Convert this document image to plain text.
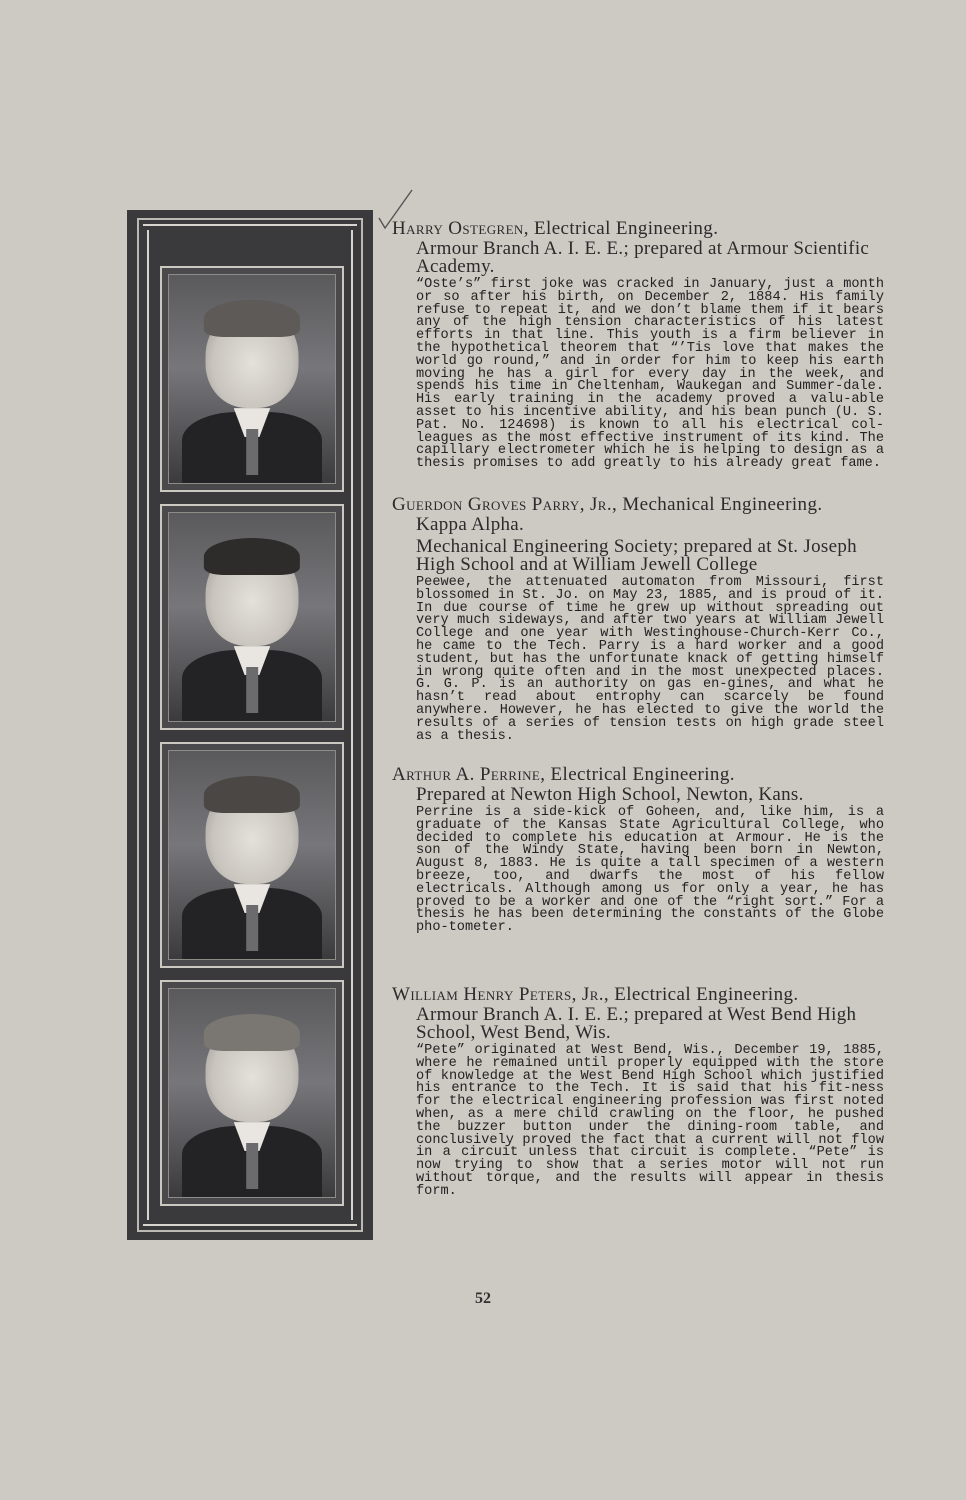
Harry Ostegren, Electrical Engineering.

Armour Branch A. I. E. E.; prepared at Armour Scientific

Academy.

“Oste’s” first joke was cracked in January, just a month or so after his birth, on December 2, 1884. His family refuse to repeat it, and we don’t blame them if it bears any of the high tension characteristics of his latest efforts in that line. This youth is a firm believer in the hypothetical theorem that “’Tis love that makes the world go round,” and in order for him to keep his earth moving he has a girl for every day in the week, and spends his time in Cheltenham, Waukegan and Summer-dale. His early training in the academy proved a valu-able asset to his incentive ability, and his bean punch (U. S. Pat. No. 124698) is known to all his electrical col-leagues as the most effective instrument of its kind. The capillary electrometer which he is helping to design as a thesis promises to add greatly to his already great fame.

Guerdon Groves Parry, Jr., Mechanical Engineering.

Kappa Alpha.

Mechanical Engineering Society; prepared at St. Joseph

High School and at William Jewell College

Peewee, the attenuated automaton from Missouri, first blossomed in St. Jo. on May 23, 1885, and is proud of it. In due course of time he grew up without spreading out very much sideways, and after two years at William Jewell College and one year with Westinghouse-Church-Kerr Co., he came to the Tech. Parry is a hard worker and a good student, but has the unfortunate knack of getting himself in wrong quite often and in the most unexpected places. G. G. P. is an authority on gas en-gines, and what he hasn’t read about entrophy can scarcely be found anywhere. However, he has elected to give the world the results of a series of tension tests on high grade steel as a thesis.

Arthur A. Perrine, Electrical Engineering.

Prepared at Newton High School, Newton, Kans.

Perrine is a side-kick of Goheen, and, like him, is a graduate of the Kansas State Agricultural College, who decided to complete his education at Armour. He is the son of the Windy State, having been born in Newton, August 8, 1883. He is quite a tall specimen of a western breeze, too, and dwarfs the most of his fellow electricals. Although among us for only a year, he has proved to be a worker and one of the “right sort.” For a thesis he has been determining the constants of the Globe pho-tometer.

William Henry Peters, Jr., Electrical Engineering.

Armour Branch A. I. E. E.; prepared at West Bend High

School, West Bend, Wis.

“Pete” originated at West Bend, Wis., December 19, 1885, where he remained until properly equipped with the store of knowledge at the West Bend High School which justified his entrance to the Tech. It is said that his fit-ness for the electrical engineering profession was first noted when, as a mere child crawling on the floor, he pushed the buzzer button under the dining-room table, and conclusively proved the fact that a current will not flow in a circuit unless that circuit is complete. “Pete” is now trying to show that a series motor will not run without torque, and the results will appear in thesis form.

52
